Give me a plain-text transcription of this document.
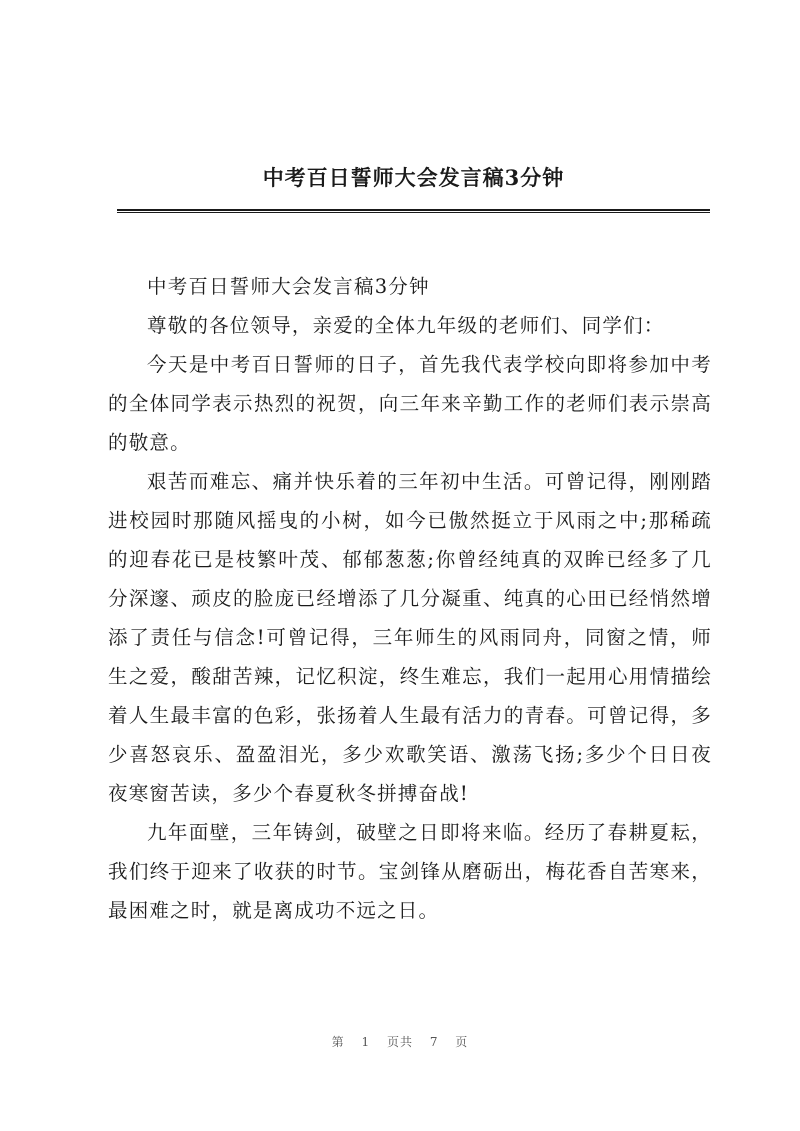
中考百日誓师大会发言稿3分钟

中考百日誓师大会发言稿3分钟

尊敬的各位领导，亲爱的全体九年级的老师们、同学们：

今天是中考百日誓师的日子，首先我代表学校向即将参加中考的全体同学表示热烈的祝贺，向三年来辛勤工作的老师们表示崇高的敬意。

艰苦而难忘、痛并快乐着的三年初中生活。可曾记得，刚刚踏进校园时那随风摇曳的小树，如今已傲然挺立于风雨之中;那稀疏的迎春花已是枝繁叶茂、郁郁葱葱;你曾经纯真的双眸已经多了几分深邃、顽皮的脸庞已经增添了几分凝重、纯真的心田已经悄然增添了责任与信念!可曾记得，三年师生的风雨同舟，同窗之情，师生之爱，酸甜苦辣，记忆积淀，终生难忘，我们一起用心用情描绘着人生最丰富的色彩，张扬着人生最有活力的青春。可曾记得，多少喜怒哀乐、盈盈泪光，多少欢歌笑语、激荡飞扬;多少个日日夜夜寒窗苦读，多少个春夏秋冬拼搏奋战!

九年面壁，三年铸剑，破壁之日即将来临。经历了春耕夏耘，我们终于迎来了收获的时节。宝剑锋从磨砺出，梅花香自苦寒来，最困难之时，就是离成功不远之日。

第 1 页共 7 页
